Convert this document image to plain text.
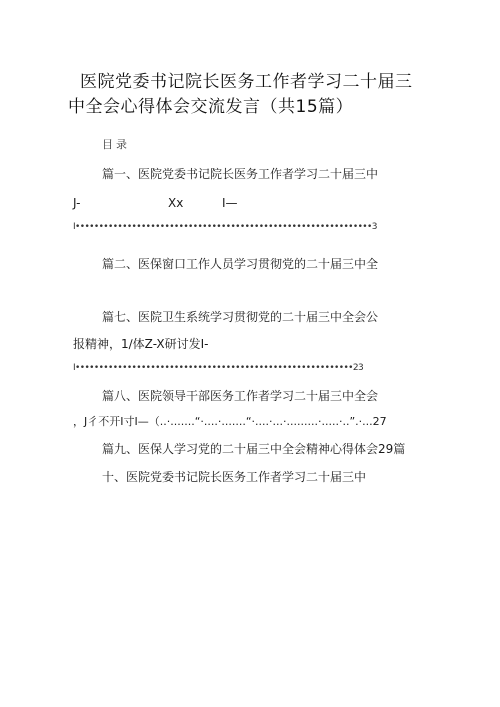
医院党委书记院长医务工作者学习二十届三
中全会心得体会交流发言（共15篇）
目录
篇一、医院党委书记院长医务工作者学习二十届三中
J-	Xx	I—
I•••••••••••••••••••••••••••••••••••••••••••••••••••••••••••••••3
篇二、医保窗口工作人员学习贯彻党的二十届三中全
篇七、医院卫生系统学习贯彻党的二十届三中全会公
报精神，1∕体Z-X研讨发I-
I•••••••••••••••••••••••••••••••••••••••••••••••••••••••••••23
篇八、医院领导干部医务工作者学习二十届三中全会
，J彳不开I寸I—（..·.......“·....·.......“·....·...·.........·.....·..”.·...27
篇九、医保人学习党的二十届三中全会精神心得体会29篇
十、医院党委书记院长医务工作者学习二十届三中
